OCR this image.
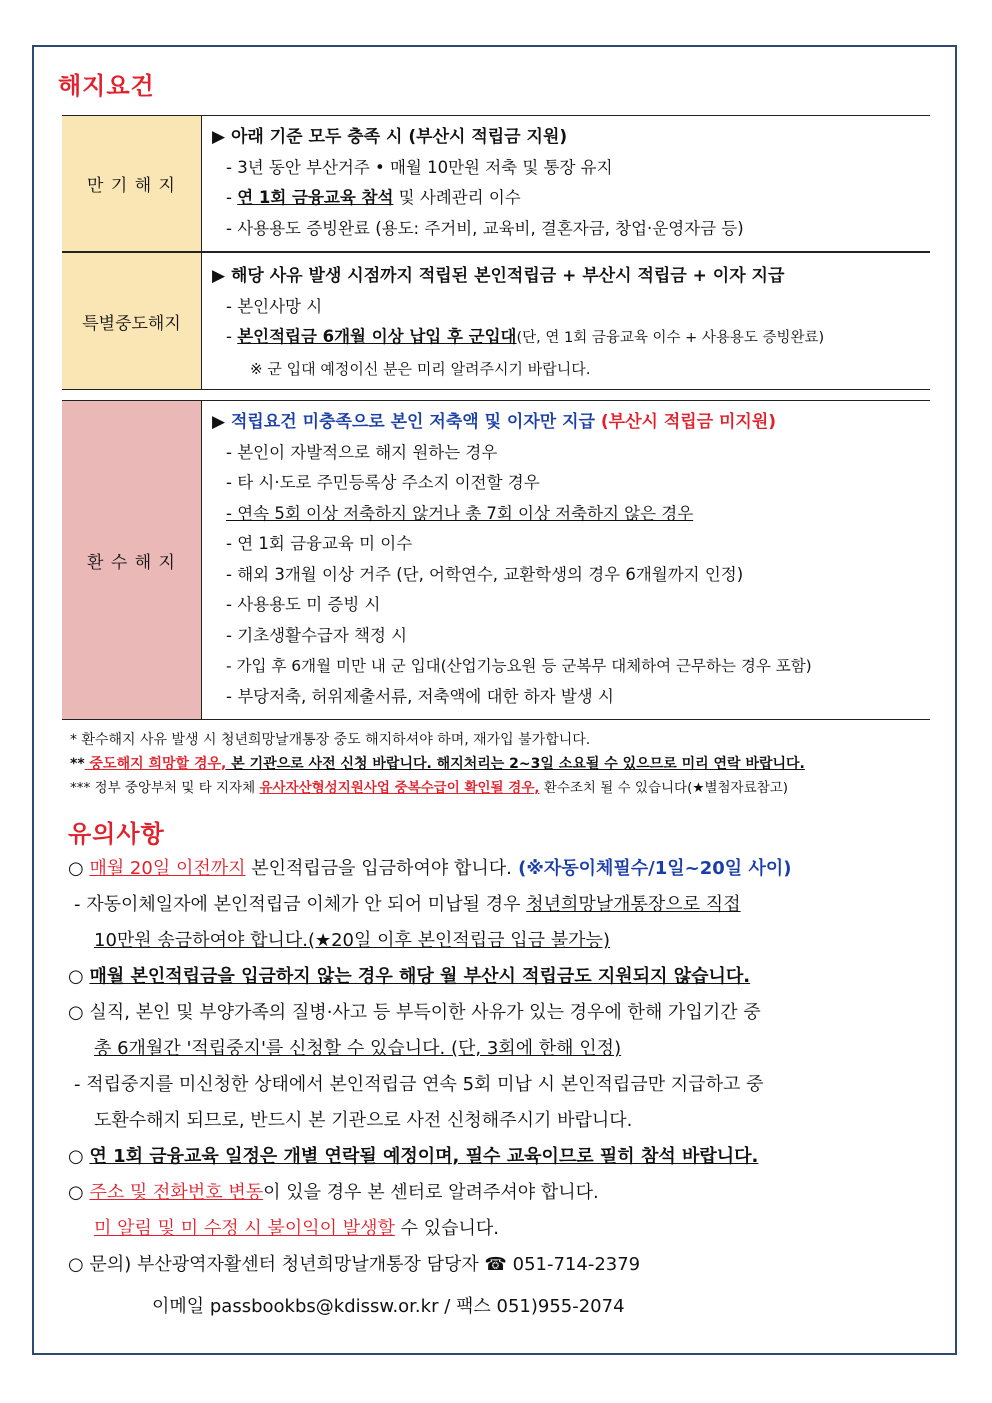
해지요건
만 기 해 지
▶ 아래 기준 모두 충족 시 (부산시 적립금 지원)
- 3년 동안 부산거주 • 매월 10만원 저축 및 통장 유지
- 연 1회 금융교육 참석 및 사례관리 이수
- 사용용도 증빙완료 (용도: 주거비, 교육비, 결혼자금, 창업·운영자금 등)
특별중도해지
▶ 해당 사유 발생 시점까지 적립된 본인적립금 + 부산시 적립금 + 이자 지급
- 본인사망 시
- 본인적립금 6개월 이상 납입 후 군입대(단, 연 1회 금융교육 이수 + 사용용도 증빙완료)
※ 군 입대 예정이신 분은 미리 알려주시기 바랍니다.
환 수 해 지
▶ 적립요건 미충족으로 본인 저축액 및 이자만 지급 (부산시 적립금 미지원)
- 본인이 자발적으로 해지 원하는 경우
- 타 시·도로 주민등록상 주소지 이전할 경우
- 연속 5회 이상 저축하지 않거나 총 7회 이상 저축하지 않은 경우
- 연 1회 금융교육 미 이수
- 해외 3개월 이상 거주 (단, 어학연수, 교환학생의 경우 6개월까지 인정)
- 사용용도 미 증빙 시
- 기초생활수급자 책정 시
- 가입 후 6개월 미만 내 군 입대(산업기능요원 등 군복무 대체하여 근무하는 경우 포함)
- 부당저축, 허위제출서류, 저축액에 대한 하자 발생 시
* 환수해지 사유 발생 시 청년희망날개통장 중도 해지하셔야 하며, 재가입 불가합니다.
** 중도해지 희망할 경우, 본 기관으로 사전 신청 바랍니다. 해지처리는 2~3일 소요될 수 있으므로 미리 연락 바랍니다.
*** 정부 중앙부처 및 타 지자체 유사자산형성지원사업 중복수급이 확인될 경우, 환수조치 될 수 있습니다(★별첨자료참고)
유의사항
○ 매월 20일 이전까지 본인적립금을 입금하여야 합니다. (※자동이체필수/1일~20일 사이)
- 자동이체일자에 본인적립금 이체가 안 되어 미납될 경우 청년희망날개통장으로 직접
10만원 송금하여야 합니다.(★20일 이후 본인적립금 입금 불가능)
○ 매월 본인적립금을 입금하지 않는 경우 해당 월 부산시 적립금도 지원되지 않습니다.
○ 실직, 본인 및 부양가족의 질병·사고 등 부득이한 사유가 있는 경우에 한해 가입기간 중
총 6개월간 '적립중지'를 신청할 수 있습니다. (단, 3회에 한해 인정)
- 적립중지를 미신청한 상태에서 본인적립금 연속 5회 미납 시 본인적립금만 지급하고 중
도환수해지 되므로, 반드시 본 기관으로 사전 신청해주시기 바랍니다.
○ 연 1회 금융교육 일정은 개별 연락될 예정이며, 필수 교육이므로 필히 참석 바랍니다.
○ 주소 및 전화번호 변동이 있을 경우 본 센터로 알려주셔야 합니다.
미 알림 및 미 수정 시 불이익이 발생할 수 있습니다.
○ 문의) 부산광역자활센터 청년희망날개통장 담당자 ☎ 051-714-2379
이메일 passbookbs@kdissw.or.kr / 팩스 051)955-2074
